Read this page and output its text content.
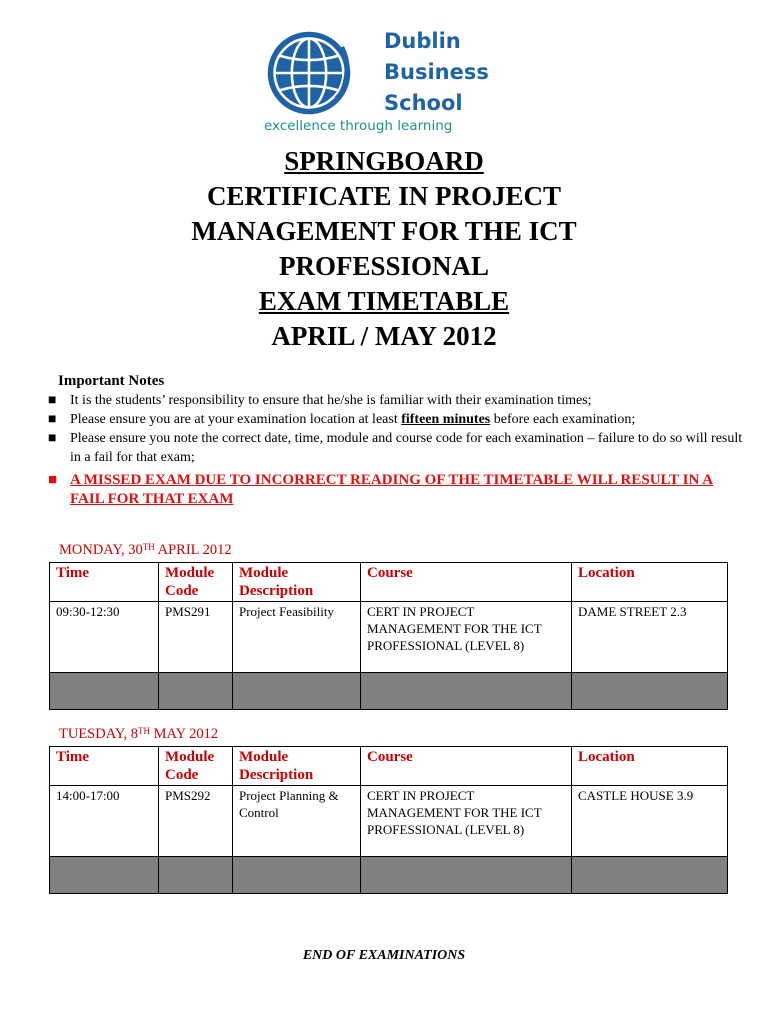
Dublin
Business
School
excellence through learning
SPRINGBOARD
CERTIFICATE IN PROJECT
MANAGEMENT FOR THE ICT
PROFESSIONAL
EXAM TIMETABLE
APRIL / MAY 2012
Important Notes
■ It is the students’ responsibility to ensure that he/she is familiar with their examination times;
■ Please ensure you are at your examination location at least fifteen minutes before each examination;
■ Please ensure you note the correct date, time, module and course code for each examination – failure to do so will result in a fail for that exam;
■ A MISSED EXAM DUE TO INCORRECT READING OF THE TIMETABLE WILL RESULT IN A FAIL FOR THAT EXAM
MONDAY, 30TH APRIL 2012
Time	Module Code	Module Description	Course	Location
09:30-12:30	PMS291	Project Feasibility	CERT IN PROJECT MANAGEMENT FOR THE ICT PROFESSIONAL (LEVEL 8)	DAME STREET 2.3

TUESDAY, 8TH MAY 2012
Time	Module Code	Module Description	Course	Location
14:00-17:00	PMS292	Project Planning & Control	CERT IN PROJECT MANAGEMENT FOR THE ICT PROFESSIONAL (LEVEL 8)	CASTLE HOUSE 3.9

END OF EXAMINATIONS
